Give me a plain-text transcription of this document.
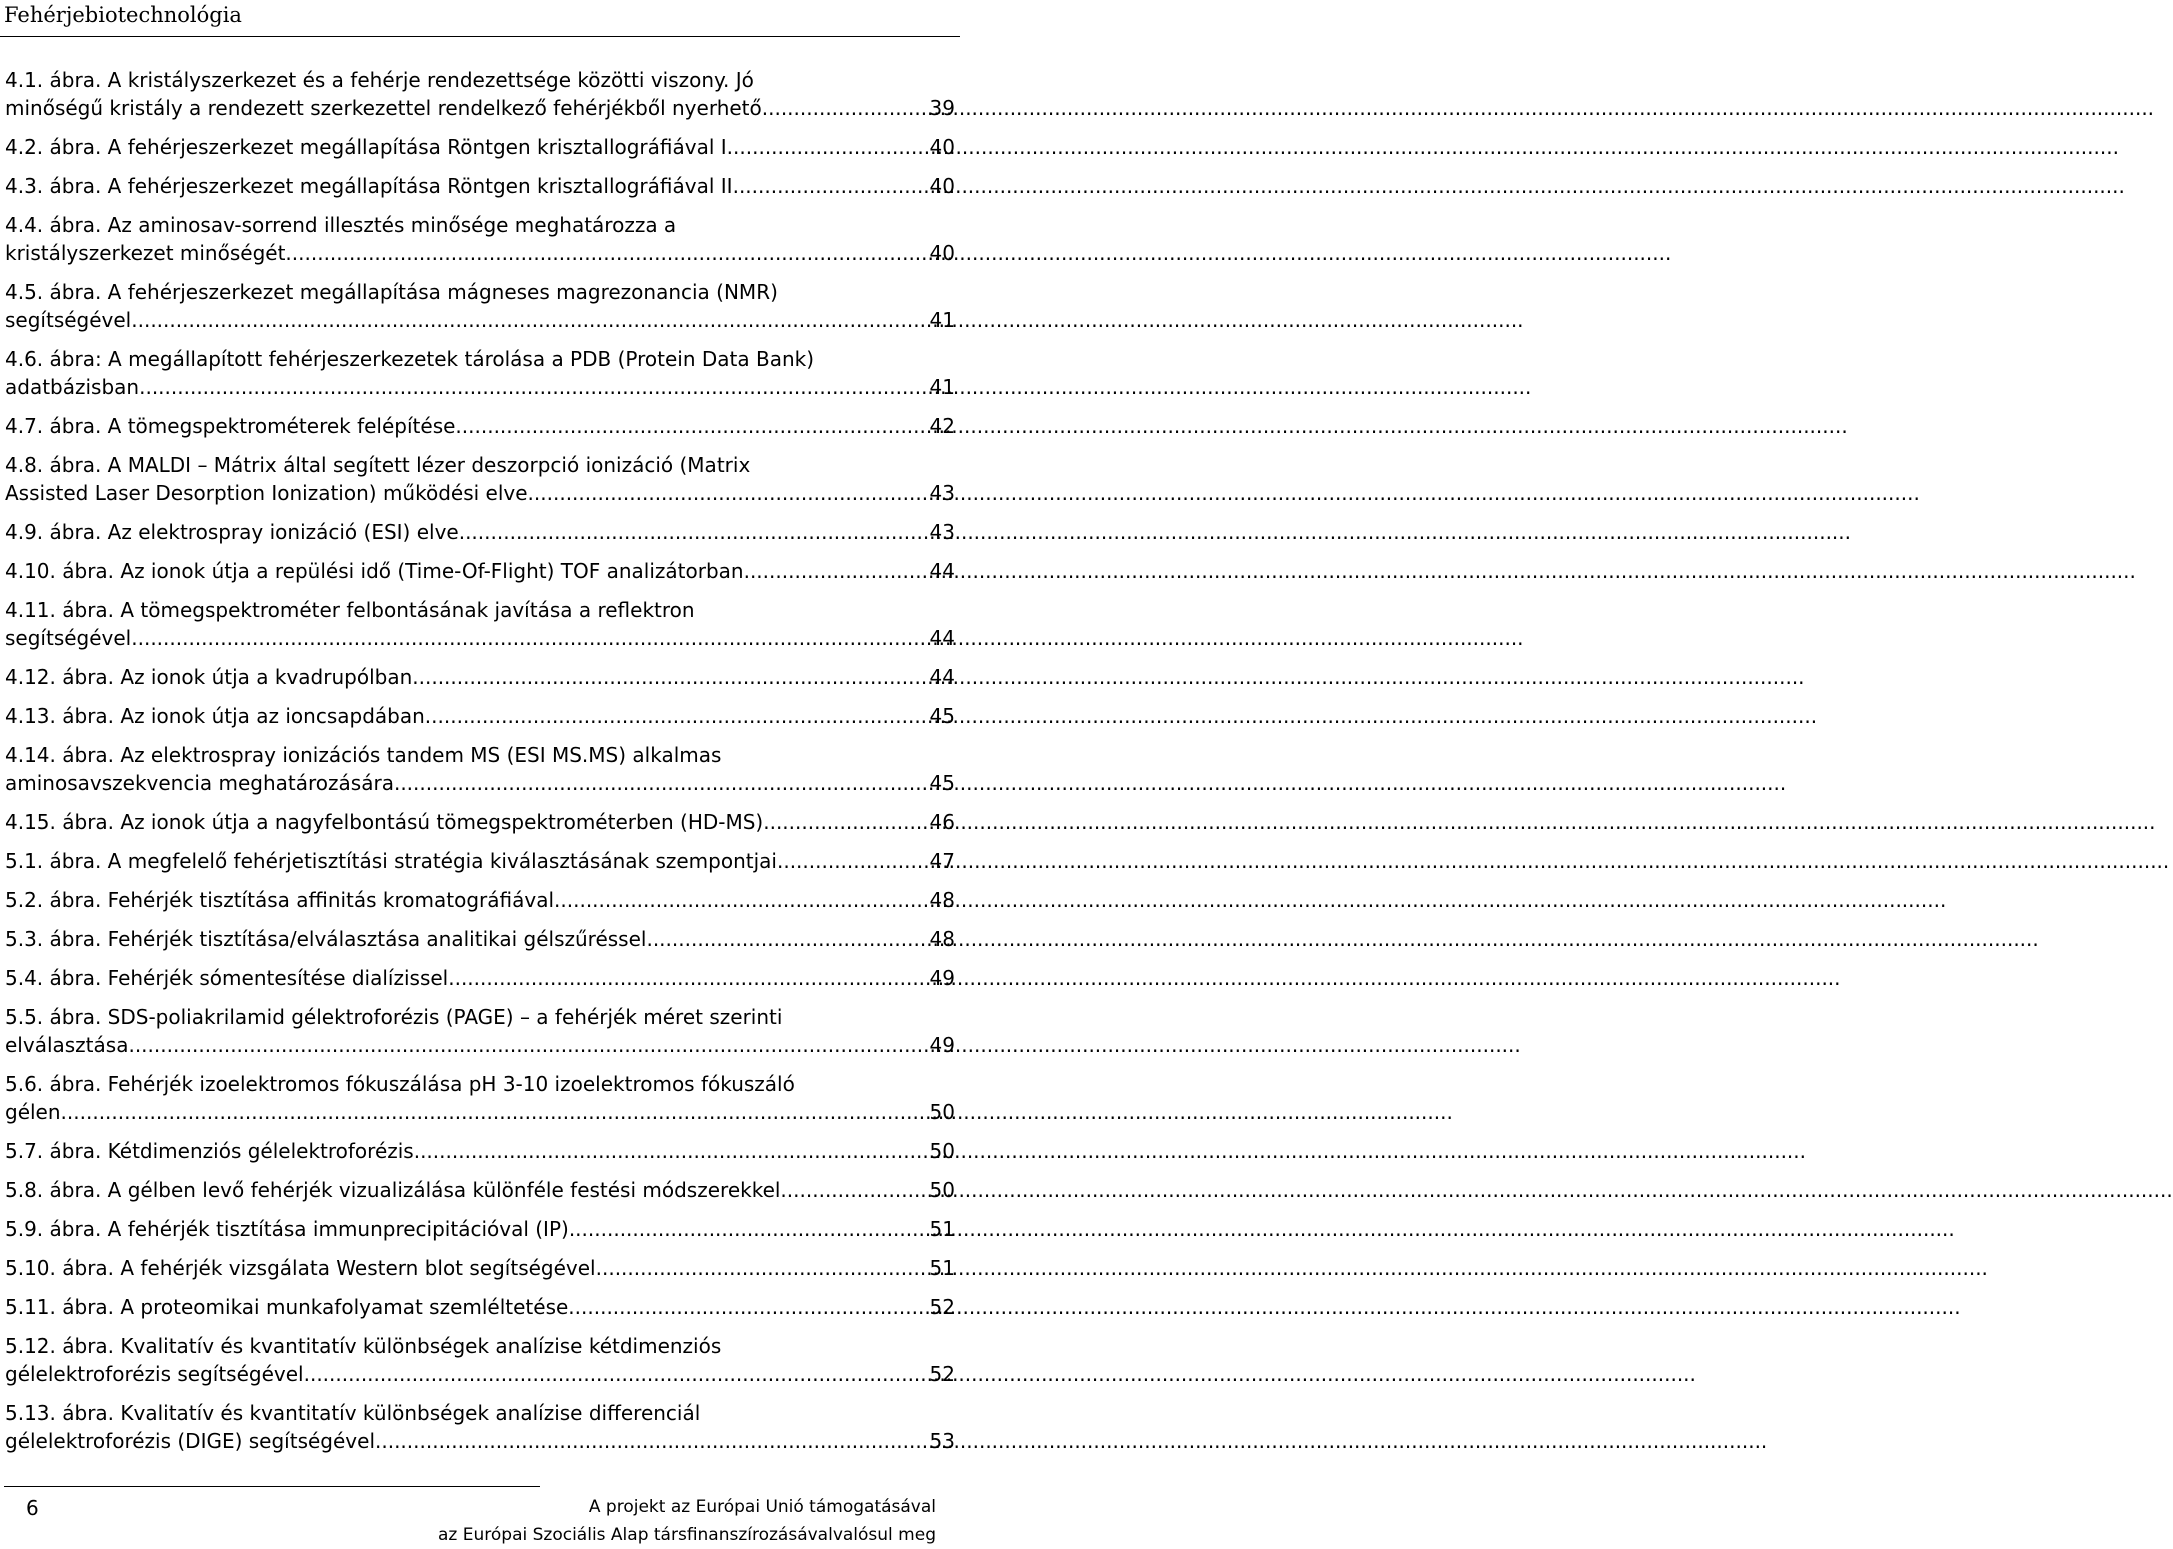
Fehérjebiotechnológia
4.1. ábra. A kristályszerkezet és a fehérje rendezettsége közötti viszony. Jó
minőségű kristály a rendezett szerkezettel rendelkező fehérjékből nyerhető. .....	39
4.2. ábra. A fehérjeszerkezet megállapítása Röntgen krisztallográfiával I. .....	40
4.3. ábra. A fehérjeszerkezet megállapítása Röntgen krisztallográfiával II. .....	40
4.4. ábra. Az aminosav-sorrend illesztés minősége meghatározza a
kristályszerkezet minőségét .....	40
4.5. ábra. A fehérjeszerkezet megállapítása mágneses magrezonancia (NMR)
segítségével. .....	41
4.6. ábra: A megállapított fehérjeszerkezetek tárolása a PDB (Protein Data Bank)
adatbázisban. .....	41
4.7. ábra. A tömegspektrométerek felépítése. .....	42
4.8. ábra. A MALDI – Mátrix által segített lézer deszorpció ionizáció (Matrix
Assisted Laser Desorption Ionization) működési elve. .....	43
4.9. ábra. Az elektrospray ionizáció (ESI) elve. .....	43
4.10. ábra. Az ionok útja a repülési idő (Time-Of-Flight) TOF analizátorban. .....	44
4.11. ábra. A tömegspektrométer felbontásának javítása a reflektron
segítségével. .....	44
4.12. ábra. Az ionok útja a kvadrupólban. .....	44
4.13. ábra. Az ionok útja az ioncsapdában. .....	45
4.14. ábra. Az elektrospray ionizációs tandem MS (ESI MS.MS) alkalmas
aminosavszekvencia meghatározására. .....	45
4.15. ábra. Az ionok útja a nagyfelbontású tömegspektrométerben (HD-MS). .....	46
5.1. ábra. A megfelelő fehérjetisztítási stratégia kiválasztásának szempontjai. .....	47
5.2. ábra. Fehérjék tisztítása affinitás kromatográfiával. .....	48
5.3. ábra. Fehérjék tisztítása/elválasztása analitikai gélszűréssel. .....	48
5.4. ábra. Fehérjék sómentesítése dialízissel. .....	49
5.5. ábra. SDS-poliakrilamid gélektroforézis (PAGE) – a fehérjék méret szerinti
elválasztása. .....	49
5.6. ábra. Fehérjék izoelektromos fókuszálása pH 3-10 izoelektromos fókuszáló
gélen. .....	50
5.7. ábra. Kétdimenziós gélelektroforézis. .....	50
5.8. ábra. A gélben levő fehérjék vizualizálása különféle festési módszerekkel. .....	50
5.9. ábra. A fehérjék tisztítása immunprecipitációval (IP) .....	51
5.10. ábra. A fehérjék vizsgálata Western blot segítségével. .....	51
5.11. ábra. A proteomikai munkafolyamat szemléltetése. .....	52
5.12. ábra. Kvalitatív és kvantitatív különbségek analízise kétdimenziós
gélelektroforézis segítségével. .....	52
5.13. ábra. Kvalitatív és kvantitatív különbségek analízise differenciál
gélelektroforézis (DIGE) segítségével. .....	53
6	A projekt az Európai Unió támogatásával
az Európai Szociális Alap társfinanszírozásávalvalósul meg
